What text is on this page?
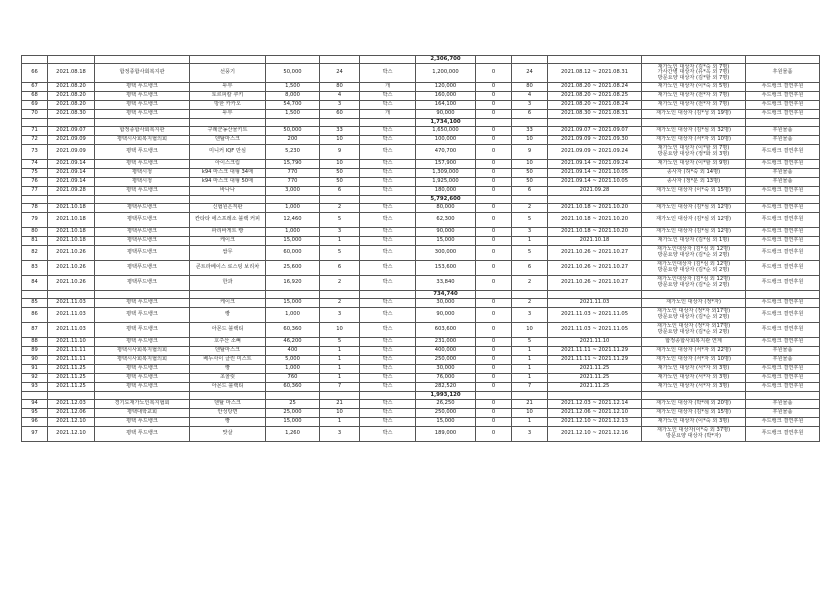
							2,306,700					
66	2021.08.18	합정종합사회복지관	선풍기	50,000	24	박스	1,200,000	0	24	2021.08.12 ~ 2021.08.31	재가노인 대상자 (김*숙 외 7명)
가사간병 대상자 (유*옥 외 7명)
방문요양 대상자 (김*할 외 7명)	후원물품
67	2021.08.20	평택 푸드뱅크	두부	1,500	80	개	120,000	0	80	2021.08.20 ~ 2021.08.24	재가노인 대상자 (이*숙 외 5명)	푸드뱅크 결연후원
68	2021.08.20	평택 푸드뱅크	토르피칼 쿠키	8,000	4	박스	160,000	0	4	2021.08.20 ~ 2021.08.25	재가노인 대상자 (전*자 외 7명)	푸드뱅크 결연후원
69	2021.08.20	평택 푸드뱅크	방한 카카오	54,700	3	박스	164,100	0	3	2021.08.20 ~ 2021.08.24	재가노인 대상자 (전*자 외 7명)	푸드뱅크 결연후원
70	2021.08.30	평택 푸드뱅크	두부	1,500	60	개	90,000	0	6	2021.08.30 ~ 2021.08.31	재가노인 대상자 (김*성 외 19명)	푸드뱅크 결연후원
							1,734,100					
71	2021.09.07	합정종합사회복지관	구례군농산물키트	50,000	33	박스	1,650,000	0	33	2021.09.07 ~ 2021.09.07	재가노인 대상자 (김*심 외 32명)	후원물품
72	2021.09.09	평택시사회복지협의회	덴탈마스크	200	10	박스	100,000	0	10	2021.09.09 ~ 2021.09.30	재가노인 대상자 (서*자 외 10명)	후원물품
73	2021.09.09	평택 푸드뱅크	미니커 IQF 만심	5,230	9	박스	470,700	0	9	2021.09.09 ~ 2021.09.24	재가노인 대상자 (이*할 외 7명)
방문요양 대상자 (정*화 외 3명)	푸드뱅크 결연후원
74	2021.09.14	평택 푸드뱅크	아이스크림	15,790	10	박스	157,900	0	10	2021.09.14 ~ 2021.09.24	재가노인 대상자 (이*할 외 9명)	푸드뱅크 결연후원
75	2021.09.14	평택시청	k94 마스크 대형 34매	770	50	박스	1,309,000	0	50	2021.09.14 ~ 2021.10.05	종사자 (허*숙 외 14명)	후원물품
76	2021.09.14	평택시청	k94 마스크 대형 50매	770	50	박스	1,925,000	0	50	2021.09.14 ~ 2021.10.05	종사자 (정*분 외 13명)	후원물품
77	2021.09.28	평택 푸드뱅크	바나나	3,000	6	박스	180,000	0	6	2021.09.28	재가노인 대상자 (이*숙 외 15명)	푸드뱅크 결연후원
							5,792,600					
78	2021.10.18	평택푸드뱅크	신협원은직판	1,000	2	박스	80,000	0	2	2021.10.18 ~ 2021.10.20	재가노인 대상자 (김*심 외 12명)	푸드뱅크 결연후원
79	2021.10.18	평택푸드뱅크	칸타타 에스프레소 블랙 커피	12,460	5	박스	62,300	0	5	2021.10.18 ~ 2021.10.20	재가노인 대상자 (김*심 외 12명)	푸드뱅크 결연후원
80	2021.10.18	평택푸드뱅크	파리바게트 빵	1,000	3	박스	90,000	0	3	2021.10.18 ~ 2021.10.20	재가노인 대상자 (김*심 외 12명)	푸드뱅크 결연후원
81	2021.10.18	평택푸드뱅크	케이크	15,000	1	박스	15,000	0	1	2021.10.18	재가노인 대상자 (김*심 외 1명)	푸드뱅크 결연후원
82	2021.10.26	평택푸드뱅크	쌈무	60,000	5	박스	300,000	0	5	2021.10.26 ~ 2021.10.27	재가노인대상자 (김*심 외 12명)
방문요양 대상자 (김*순 외 2명)	푸드뱅크 결연후원
83	2021.10.26	평택푸드뱅크	콘트라베이스 로스팅 보리차	25,600	6	박스	153,600	0	6	2021.10.26 ~ 2021.10.27	재가노인대상자 (김*심 외 12명)
방문요양 대상자 (김*순 외 2명)	푸드뱅크 결연후원
84	2021.10.26	평택푸드뱅크	한과	16,920	2	박스	33,840	0	2	2021.10.26 ~ 2021.10.27	재가노인대상자 (김*심 외 12명)
방문요양 대상자 (김*순 외 2명)	푸드뱅크 결연후원
							734,740					
85	2021.11.03	평택 푸드뱅크	케이크	15,000	2	박스	30,000	0	2	2021.11.03	재가노인 대상자 (정*자)	푸드뱅크 결연후원
86	2021.11.03	평택 푸드뱅크	빵	1,000	3	박스	90,000	0	3	2021.11.03 ~ 2021.11.05	재가노인 대상자 (정*자 외17명)
방문요양 대상자 (김*순 외 2명)	푸드뱅크 결연후원
87	2021.11.03	평택 푸드뱅크	아몬드 블랙티	60,360	10	박스	603,600	0	10	2021.11.03 ~ 2021.11.05	재가노인 대상자 (정*자 외17명)
방문요양 대상자 (김*순 외 2명)	푸드뱅크 결연후원
88	2021.11.10	평택 푸드뱅크	호주산 소뼈	46,200	5	박스	231,000	0	5	2021.11.10	합정종합사회복지관 연계	푸드뱅크 결연후원
89	2021.11.11	평택시사회복지협의회	덴탈마스크	400	1	박스	400,000	0	1	2021.11.11 ~ 2021.11.29	재가노인 대상자 (서*자 외 22명)	후원물품
90	2021.11.11	평택시사회복지협의회	베누사이 클린 미스트	5,000	1	박스	250,000	0	1	2021.11.11 ~ 2021.11.29	재가노인 대상자 (서*자 외 10명)	후원물품
91	2021.11.25	평택 푸드뱅크	빵	1,000	1	박스	30,000	0	1	2021.11.25	재가노인 대상자 (서*자 외 3명)	푸드뱅크 결연후원
92	2021.11.25	평택 푸드뱅크	초콜릿	760	1	박스	76,000	0	1	2021.11.25	재가노인 대상자 (서*자 외 3명)	푸드뱅크 결연후원
93	2021.11.25	평택 푸드뱅크	아몬드 블랙티	60,360	7	박스	282,520	0	7	2021.11.25	재가노인 대상자 (서*자 외 3명)	푸드뱅크 결연후원
							1,993,120					
94	2021.12.03	경기도재가노인복지협회	덴탈 마스크	25	21	박스	26,250	0	21	2021.12.03 ~ 2021.12.14	재가노인 대상자 (박*례 외 20명)	후원물품
95	2021.12.06	평택대학교회	안성탕면	25,000	10	박스	250,000	0	10	2021.12.06 ~ 2021.12.10	재가노인 대상자 (김*심 외 15명)	후원물품
96	2021.12.10	평택 푸드뱅크	빵	15,000	1	박스	15,000	0	1	2021.12.10 ~ 2021.12.13	재가노인 대상자 (이*숙 외 3명)	푸드뱅크 결연후원
97	2021.12.10	평택 푸드뱅크	맛살	1,260	3	박스	189,000	0	3	2021.12.10 ~ 2021.12.16	재가노인 대상자(이*숙 외 37명)
방문요양 대상자 (박*자)	푸드뱅크 결연후원
